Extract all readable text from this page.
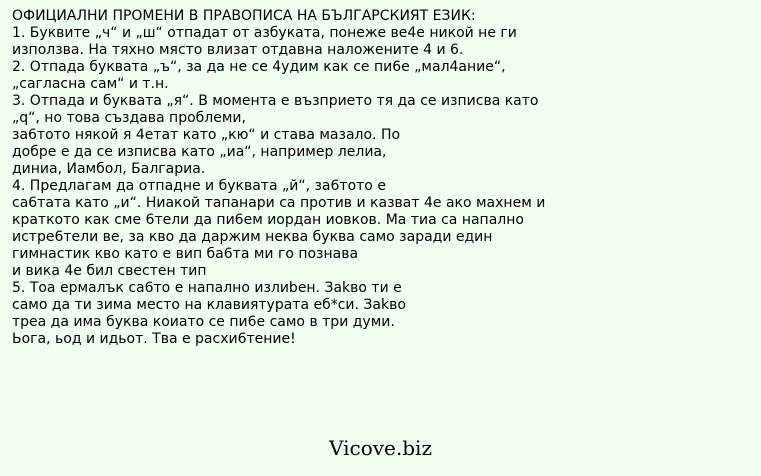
ОФИЦИАЛНИ ПРОМЕНИ В ПРАВОПИСА НА БЪЛГАРСКИЯТ ЕЗИК:
1. Буквите „ч“ и „ш“ отпадат от азбуката, понеже ве4е никой не ги
използва. На тяхно място влизат отдавна наложените 4 и 6.
2. Отпада буквата „ъ“, за да не се 4удим как се пи6е „мал4ание“,
„сагласна сам“ и т.н.
3. Отпада и буквата „я“. В момента е възприето тя да се изписва като
„q“, но това създава проблеми,
за6тото някой я 4етат като „кю“ и става мазало. По
добре е да се изписва като „иа“, например лелиа,
диниа, Иамбол, Балгариа.
4. Предлагам да отпадне и буквата „й“, за6тото е
са6тата като „и“. Ниакой тапанари са против и казват 4е ако махнем и
краткото как сме 6тели да пи6ем иордан иовков. Ма тиа са напално
истре6тели ве, за кво да даржим неква буква само заради един
гимнастик кво като е вип ба6та ми го познава
и вика 4е бил свестен тип
5. Тоа ермалък са6то е напално излиbен. Заkво ти е
само да ти зима место на клавиятурата еб*си. Заkво
треа да има буква коиато се пи6е само в три думи.
Ьога, ьод и идьот. Тва е расхи6тение!
Vicove.biz
